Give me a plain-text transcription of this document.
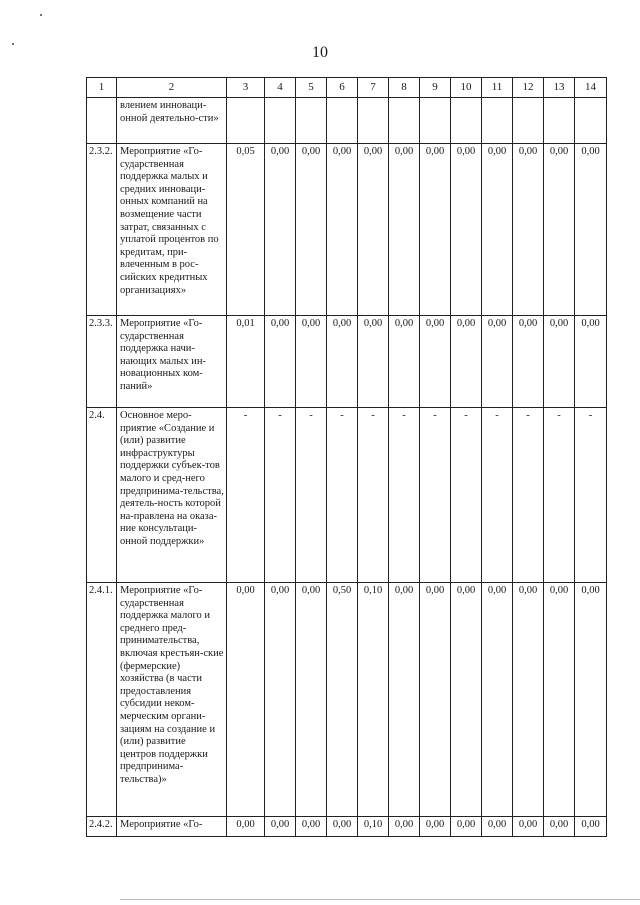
10
1	2	3	4	5	6	7	8	9	10	11	12	13	14
	влением инноваци-онной деятельно-сти»												
2.3.2.	Мероприятие «Го-сударственная поддержка малых и средних инноваци-онных компаний на возмещение части затрат, связанных с уплатой процентов по кредитам, при-влеченным в рос-сийских кредитных организациях»	0,05	0,00	0,00	0,00	0,00	0,00	0,00	0,00	0,00	0,00	0,00	0,00
2.3.3.	Мероприятие «Го-сударственная поддержка начи-нающих малых ин-новационных ком-паний»	0,01	0,00	0,00	0,00	0,00	0,00	0,00	0,00	0,00	0,00	0,00	0,00
2.4.	Основное меро-приятие «Создание и (или) развитие инфраструктуры поддержки субъек-тов малого и сред-него предпринима-тельства, деятель-ность которой на-правлена на оказа-ние консультаци-онной поддержки»	-	-	-	-	-	-	-	-	-	-	-	-
2.4.1.	Мероприятие «Го-сударственная поддержка малого и среднего пред-принимательства, включая крестьян-ские (фермерские) хозяйства (в части предоставления субсидии неком-мерческим органи-зациям на создание и (или) развитие центров поддержки предпринима-тельства)»	0,00	0,00	0,00	0,50	0,10	0,00	0,00	0,00	0,00	0,00	0,00	0,00
2.4.2.	Мероприятие «Го-	0,00	0,00	0,00	0,00	0,10	0,00	0,00	0,00	0,00	0,00	0,00	0,00
